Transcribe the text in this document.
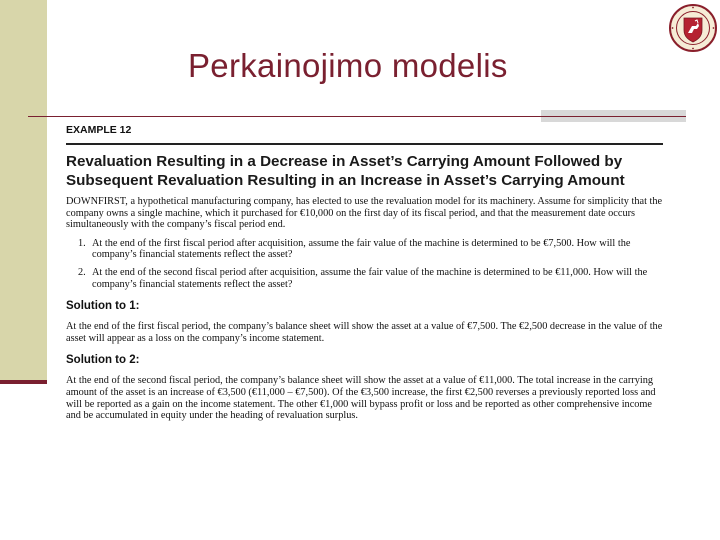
Perkainojimo modelis
EXAMPLE 12
Revaluation Resulting in a Decrease in Asset’s Carrying Amount Followed by Subsequent Revaluation Resulting in an Increase in Asset’s Carrying Amount
DOWNFIRST, a hypothetical manufacturing company, has elected to use the revaluation model for its machinery. Assume for simplicity that the company owns a single machine, which it purchased for €10,000 on the first day of its fiscal period, and that the measurement date occurs simultaneously with the company’s fiscal period end.
1. At the end of the first fiscal period after acquisition, assume the fair value of the machine is determined to be €7,500. How will the company’s financial statements reflect the asset?
2. At the end of the second fiscal period after acquisition, assume the fair value of the machine is determined to be €11,000. How will the company’s financial statements reflect the asset?
Solution to 1:
At the end of the first fiscal period, the company’s balance sheet will show the asset at a value of €7,500. The €2,500 decrease in the value of the asset will appear as a loss on the company’s income statement.
Solution to 2:
At the end of the second fiscal period, the company’s balance sheet will show the asset at a value of €11,000. The total increase in the carrying amount of the asset is an increase of €3,500 (€11,000 – €7,500). Of the €3,500 increase, the first €2,500 reverses a previously reported loss and will be reported as a gain on the income statement. The other €1,000 will bypass profit or loss and be reported as other comprehensive income and be accumulated in equity under the heading of revaluation surplus.
